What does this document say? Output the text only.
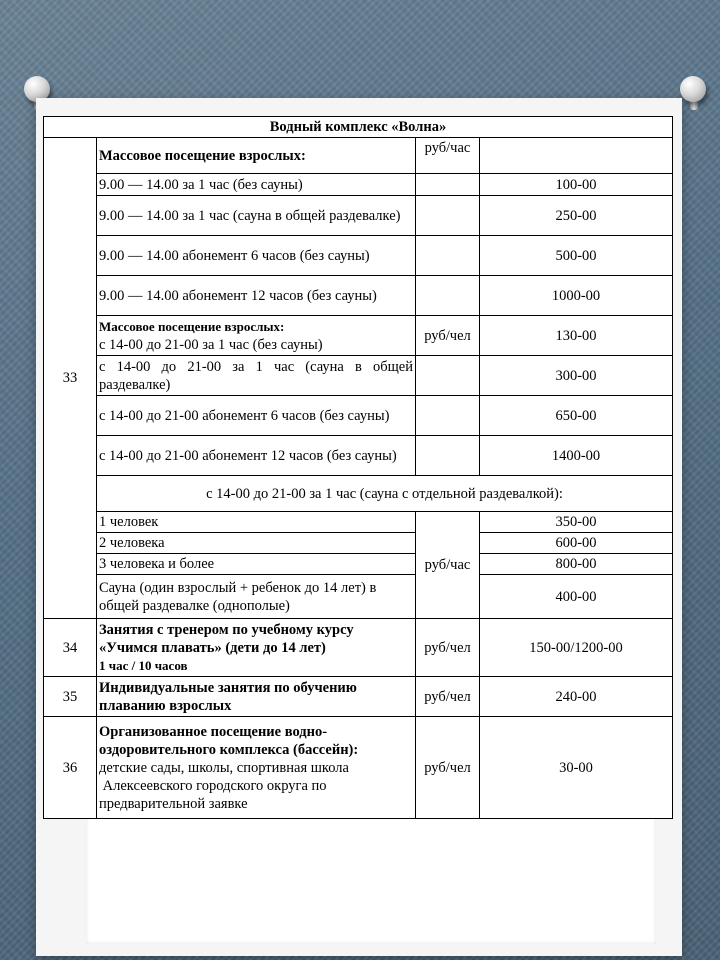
Водный комплекс «Волна»			
33	Массовое посещение взрослых:	руб/час	
	9.00 — 14.00 за 1 час (без сауны)		100-00
	9.00 — 14.00 за 1 час (сауна в общей раздевалке)		250-00
	9.00 — 14.00 абонемент 6 часов (без сауны)		500-00
	9.00 — 14.00 абонемент 12 часов (без сауны)		1000-00

	Массовое посещение взрослых:
с 14-00 до 21-00 за 1 час (без сауны)	руб/чел	130-00
	с 14-00 до 21-00 за 1 час (сауна в общей раздевалке)		300-00
	с 14-00 до 21-00 абонемент 6 часов (без сауны)		650-00
	с 14-00 до 21-00 абонемент 12 часов (без сауны)		1400-00
	с 14-00 до 21-00 за 1 час (сауна с отдельной раздевалкой):		
	1 человек	руб/час	350-00
	2 человека		600-00
	3 человека и более		800-00
	Сауна (один взрослый + ребенок до 14 лет) в общей раздевалке (однополые)		400-00

34	Занятия с тренером по учебному курсу
«Учимся плавать» (дети до 14 лет)
1 час / 10 часов	руб/чел	150-00/1200-00
35	Индивидуальные занятия по обучению плаванию взрослых	руб/чел	240-00
36	Организованное посещение водно-оздоровительного комплекса (бассейн):
детские сады, школы, спортивная школа
Алексеевского городского округа по
предварительной заявке	руб/чел	30-00
